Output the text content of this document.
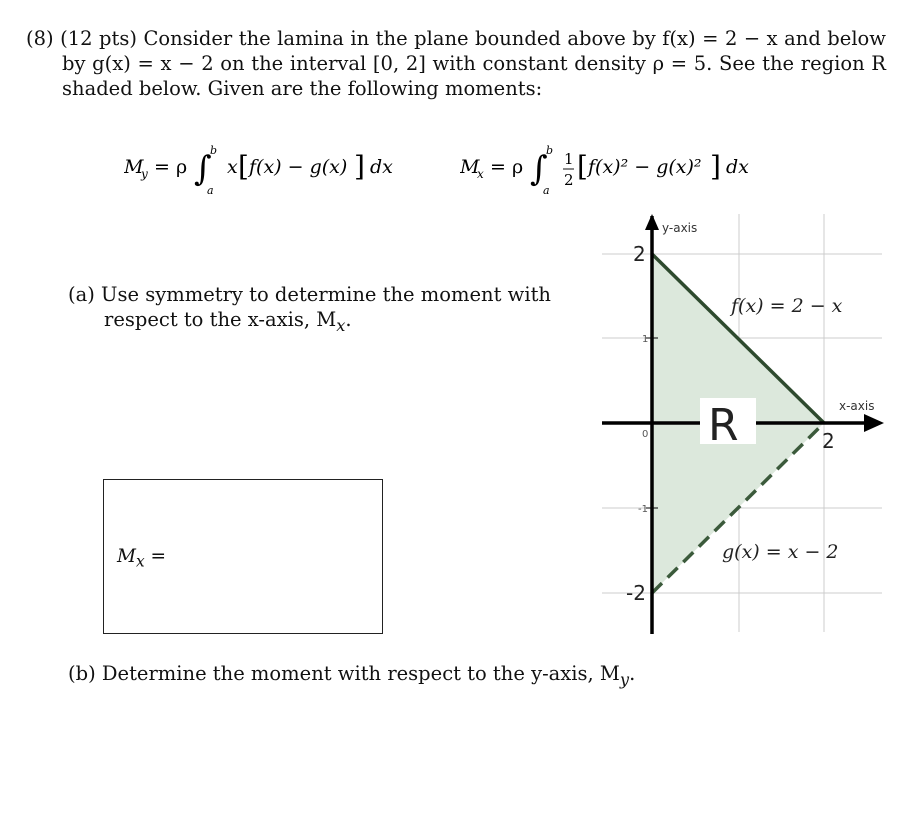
(8) (12 pts) Consider the lamina in the plane bounded above by f(x) = 2 − x and below by g(x) = x − 2 on the interval [0, 2] with constant density ρ = 5. See the region R shaded below. Given are the following moments:
M
y = ρ ∫
b
a
x [ f(x) − g(x) ] dx	M
x = ρ ∫
b
a
1
2 [ f(x)² − g(x)² ] dx
(a) Use symmetry to determine the moment with respect to the x-axis, $M_x$.
$M_x$ =
(b) Determine the moment with respect to the y-axis, $M_y$.
y-axis
x-axis
2
1
0
-1
-2
2
R
f(x) = 2 − x
g(x) = x − 2
